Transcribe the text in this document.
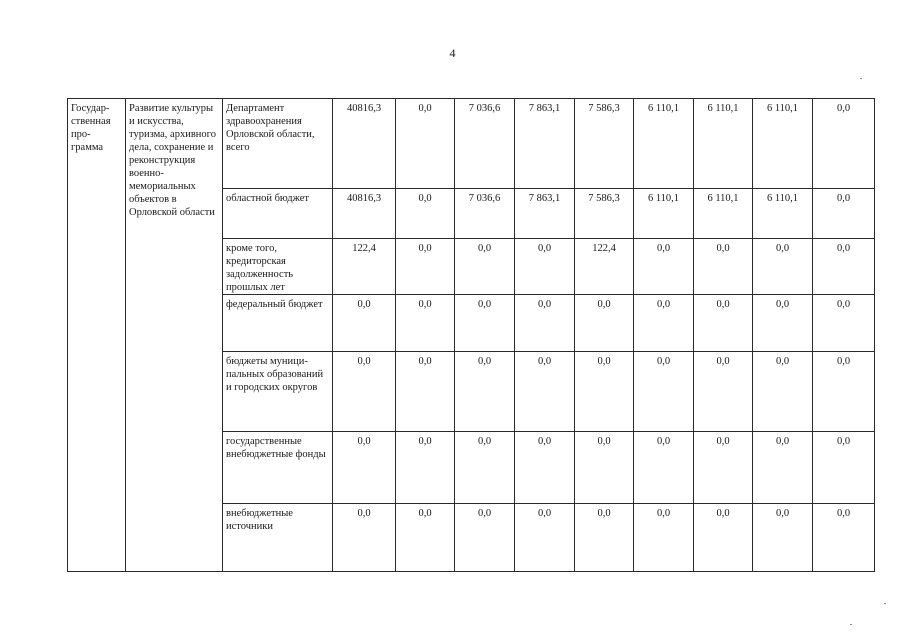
4
Государ-ственная про-грамма	Развитие культуры и искусства, туризма, архивного дела, сохранение и реконструкция военно-мемориальных объектов в Орловской области	Департамент здравоохранения Орловской области, всего	40816,3	0,0	7 036,6	7 863,1	7 586,3	6 110,1	6 110,1	6 110,1	0,0
		областной бюджет	40816,3	0,0	7 036,6	7 863,1	7 586,3	6 110,1	6 110,1	6 110,1	0,0
		кроме того, кредиторская задолженность прошлых лет	122,4	0,0	0,0	0,0	122,4	0,0	0,0	0,0	0,0
		федеральный бюджет	0,0	0,0	0,0	0,0	0,0	0,0	0,0	0,0	0,0
		бюджеты муници-пальных образований и городских округов	0,0	0,0	0,0	0,0	0,0	0,0	0,0	0,0	0,0
		государственные внебюджетные фонды	0,0	0,0	0,0	0,0	0,0	0,0	0,0	0,0	0,0
		внебюджетные источники	0,0	0,0	0,0	0,0	0,0	0,0	0,0	0,0	0,0
